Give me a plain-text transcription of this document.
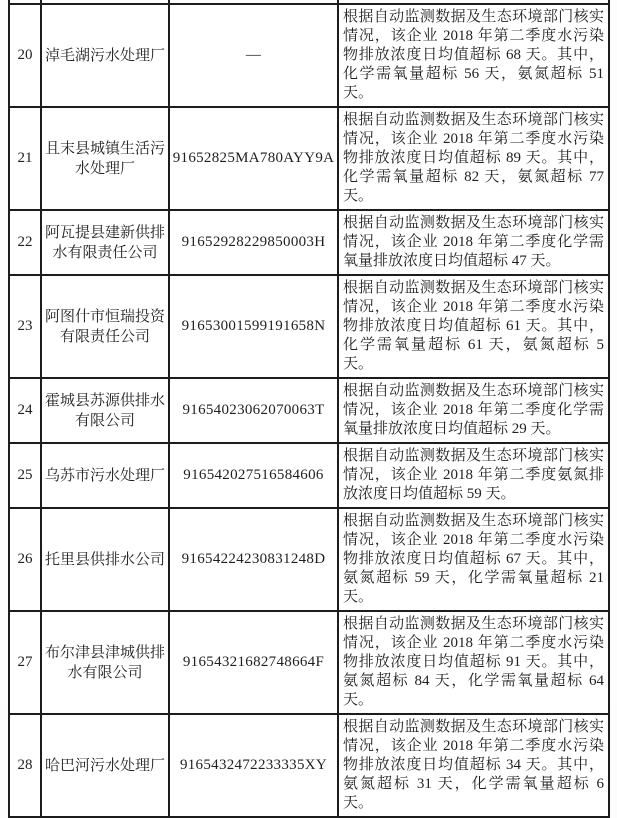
20	淖毛湖污水处理厂	—	根据自动监测数据及生态环境部门核实情况，该企业 2018 年第二季度水污染物排放浓度日均值超标 68 天。其中，化学需氧量超标 56 天，氨氮超标 51 天。
21	且末县城镇生活污水处理厂	91652825MA780AYY9A	根据自动监测数据及生态环境部门核实情况，该企业 2018 年第二季度水污染物排放浓度日均值超标 89 天。其中，化学需氧量超标 82 天，氨氮超标 77 天。
22	阿瓦提县建新供排水有限责任公司	91652928229850003H	根据自动监测数据及生态环境部门核实情况，该企业 2018 年第二季度化学需氧量排放浓度日均值超标 47 天。
23	阿图什市恒瑞投资有限责任公司	91653001599191658N	根据自动监测数据及生态环境部门核实情况，该企业 2018 年第二季度水污染物排放浓度日均值超标 61 天。其中，化学需氧量超标 61 天，氨氮超标 5 天。
24	霍城县苏源供排水有限公司	91654023062070063T	根据自动监测数据及生态环境部门核实情况，该企业 2018 年第二季度化学需氧量排放浓度日均值超标 29 天。
25	乌苏市污水处理厂	916542027516584606	根据自动监测数据及生态环境部门核实情况，该企业 2018 年第二季度氨氮排放浓度日均值超标 59 天。
26	托里县供排水公司	91654224230831248D	根据自动监测数据及生态环境部门核实情况，该企业 2018 年第二季度水污染物排放浓度日均值超标 67 天。其中，氨氮超标 59 天，化学需氧量超标 21 天。
27	布尔津县津城供排水有限公司	91654321682748664F	根据自动监测数据及生态环境部门核实情况，该企业 2018 年第二季度水污染物排放浓度日均值超标 91 天。其中，氨氮超标 84 天，化学需氧量超标 64 天。
28	哈巴河污水处理厂	9165432472233335XY	根据自动监测数据及生态环境部门核实情况，该企业 2018 年第二季度水污染物排放浓度日均值超标 34 天。其中，氨氮超标 31 天，化学需氧量超标 6 天。
